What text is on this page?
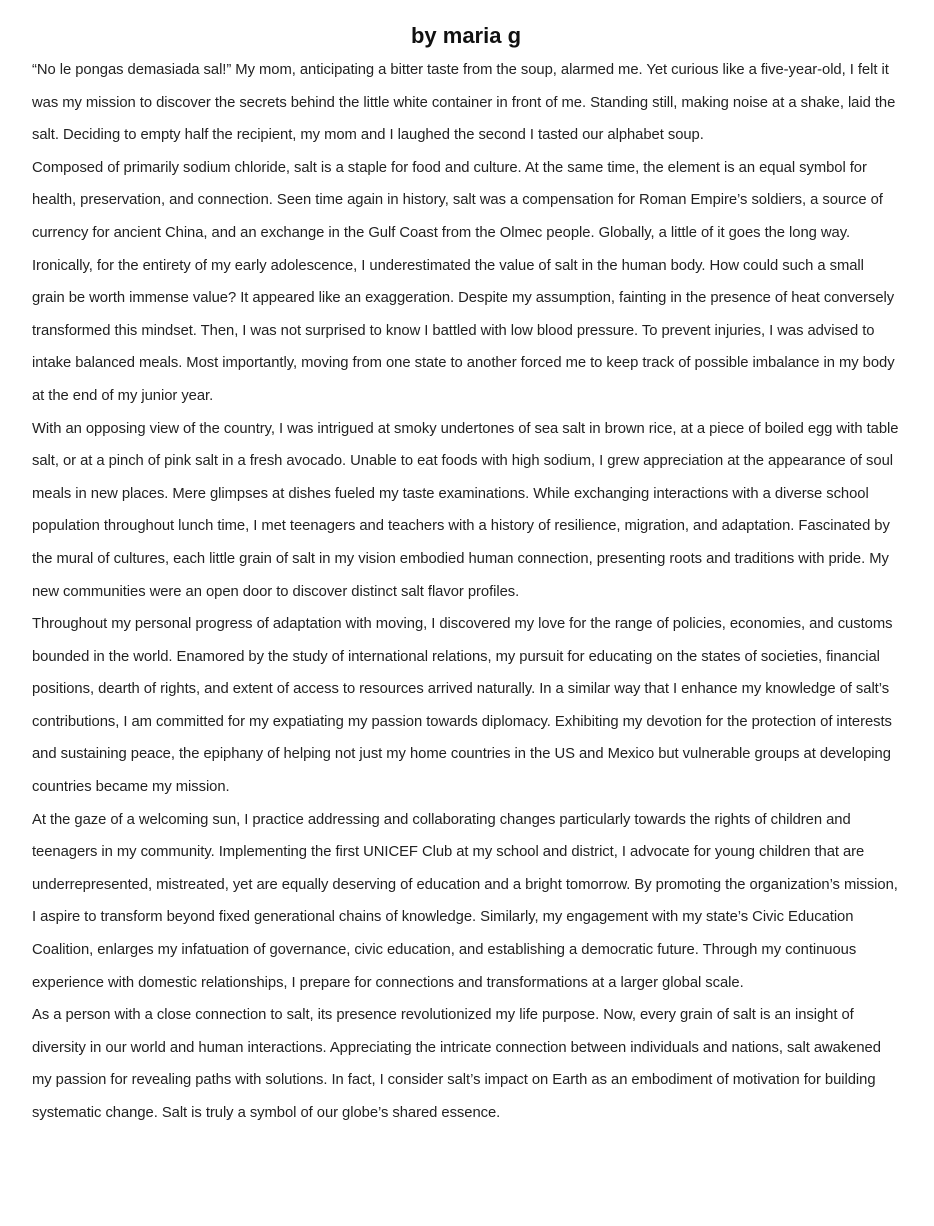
by maria g

“No le pongas demasiada sal!” My mom, anticipating a bitter taste from the soup, alarmed me. Yet curious like a five-year-old, I felt it was my mission to discover the secrets behind the little white container in front of me. Standing still, making noise at a shake, laid the salt. Deciding to empty half the recipient, my mom and I laughed the second I tasted our alphabet soup.

Composed of primarily sodium chloride, salt is a staple for food and culture. At the same time, the element is an equal symbol for health, preservation, and connection. Seen time again in history, salt was a compensation for Roman Empire’s soldiers, a source of currency for ancient China, and an exchange in the Gulf Coast from the Olmec people. Globally, a little of it goes the long way.

Ironically, for the entirety of my early adolescence, I underestimated the value of salt in the human body. How could such a small grain be worth immense value? It appeared like an exaggeration. Despite my assumption, fainting in the presence of heat conversely transformed this mindset. Then, I was not surprised to know I battled with low blood pressure. To prevent injuries, I was advised to intake balanced meals. Most importantly, moving from one state to another forced me to keep track of possible imbalance in my body at the end of my junior year.

With an opposing view of the country, I was intrigued at smoky undertones of sea salt in brown rice, at a piece of boiled egg with table salt, or at a pinch of pink salt in a fresh avocado. Unable to eat foods with high sodium, I grew appreciation at the appearance of soul meals in new places. Mere glimpses at dishes fueled my taste examinations. While exchanging interactions with a diverse school population throughout lunch time, I met teenagers and teachers with a history of resilience, migration, and adaptation. Fascinated by the mural of cultures, each little grain of salt in my vision embodied human connection, presenting roots and traditions with pride. My new communities were an open door to discover distinct salt flavor profiles.

Throughout my personal progress of adaptation with moving, I discovered my love for the range of policies, economies, and customs bounded in the world. Enamored by the study of international relations, my pursuit for educating on the states of societies, financial positions, dearth of rights, and extent of access to resources arrived naturally. In a similar way that I enhance my knowledge of salt’s contributions, I am committed for my expatiating my passion towards diplomacy. Exhibiting my devotion for the protection of interests and sustaining peace, the epiphany of helping not just my home countries in the US and Mexico but vulnerable groups at developing countries became my mission.

At the gaze of a welcoming sun, I practice addressing and collaborating changes particularly towards the rights of children and teenagers in my community. Implementing the first UNICEF Club at my school and district, I advocate for young children that are underrepresented, mistreated, yet are equally deserving of education and a bright tomorrow. By promoting the organization’s mission, I aspire to transform beyond fixed generational chains of knowledge. Similarly, my engagement with my state’s Civic Education Coalition, enlarges my infatuation of governance, civic education, and establishing a democratic future. Through my continuous experience with domestic relationships, I prepare for connections and transformations at a larger global scale.

As a person with a close connection to salt, its presence revolutionized my life purpose. Now, every grain of salt is an insight of diversity in our world and human interactions. Appreciating the intricate connection between individuals and nations, salt awakened my passion for revealing paths with solutions. In fact, I consider salt’s impact on Earth as an embodiment of motivation for building systematic change. Salt is truly a symbol of our globe’s shared essence.
